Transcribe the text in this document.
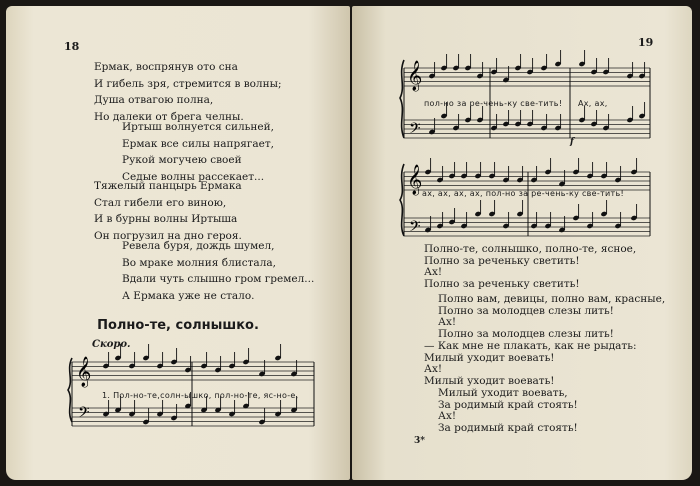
18
Ермак, воспрянув ото сна
И гибель зря, стремится в волны;
Душа отвагою полна,
Но далеки от брега челны.
Иртыш волнуется сильней,
Ермак все силы напрягает,
Рукой могучею своей
Седые волны рассекает...
Тяжелый панцырь Ермака
Стал гибели его виною,
И в бурны волны Иртыша
Он погрузил на дно героя.
Ревела буря, дождь шумел,
Во мраке молния блистала,
Вдали чуть слышно гром гремел...
А Ермака уже не стало.
Полно-те, солнышко.
Скоро.
𝄞
𝄢
1. Пол-но-те,солн-ышко, пол-но-те, яс-но-е,
19
𝄞
𝄢
пол-но за ре-чень-ку све-тить! Ах, ах,
f
𝄞
𝄢
ах, ах, ах, ах, пол-но за ре-чень-ку све-тить!
Полно-те, солнышко, полно-те, ясное,
Полно за реченьку светить!
Ах!
Полно за реченьку светить!
Полно вам, девицы, полно вам, красные,
Полно за молодцев слезы лить!
Ах!
Полно за молодцев слезы лить!
— Как мне не плакать, как не рыдать:
Милый уходит воевать!
Ах!
Милый уходит воевать!
Милый уходит воевать,
За родимый край стоять!
Ах!
За родимый край стоять!
3*
